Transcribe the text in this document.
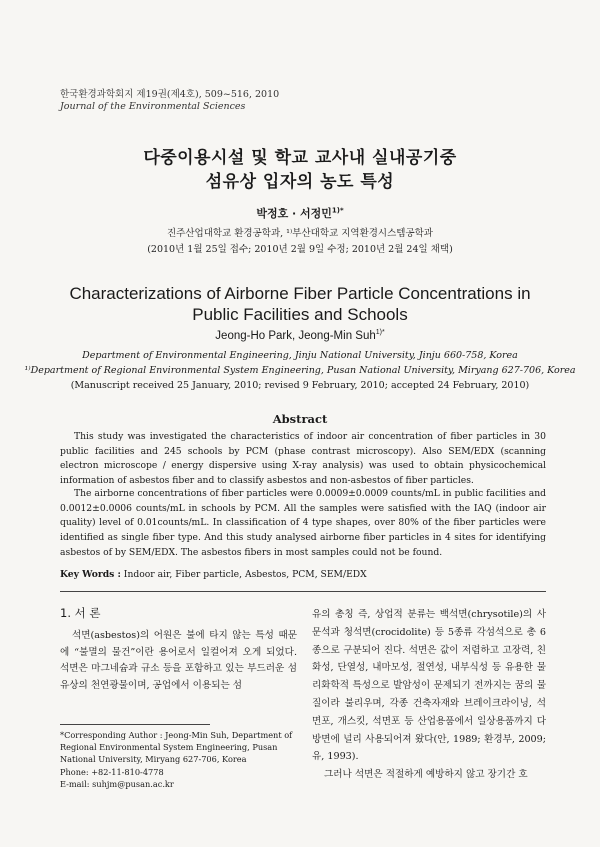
한국환경과학회지 제19권(제4호), 509~516, 2010
Journal of the Environmental Sciences
다중이용시설 및 학교 교사내 실내공기중
섬유상 입자의 농도 특성
박정호 · 서정민$^{1)*}$
진주산업대학교 환경공학과, ¹⁾부산대학교 지역환경시스템공학과
(2010년 1월 25일 접수; 2010년 2월 9일 수정; 2010년 2월 24일 채택)
Characterizations of Airborne Fiber Particle Concentrations in
Public Facilities and Schools
Jeong-Ho Park, Jeong-Min Suh$^{1)*}$
Department of Environmental Engineering, Jinju National University, Jinju 660-758, Korea
¹⁾Department of Regional Environmental System Engineering, Pusan National University, Miryang 627-706, Korea
(Manuscript received 25 January, 2010; revised 9 February, 2010; accepted 24 February, 2010)
Abstract
This study was investigated the characteristics of indoor air concentration of fiber particles in 30 public facilities and 245 schools by PCM (phase contrast microscopy). Also SEM/EDX (scanning electron microscope / energy dispersive using X-ray analysis) was used to obtain physicochemical information of asbestos fiber and to classify asbestos and non-asbestos of fiber particles.
The airborne concentrations of fiber particles were 0.0009±0.0009 counts/mL in public facilities and 0.0012±0.0006 counts/mL in schools by PCM. All the samples were satisfied with the IAQ (indoor air quality) level of 0.01counts/mL. In classification of 4 type shapes, over 80% of the fiber particles were identified as single fiber type. And this study analysed airborne fiber particles in 4 sites for identifying asbestos of by SEM/EDX. The asbestos fibers in most samples could not be found.
Key Words : Indoor air, Fiber particle, Asbestos, PCM, SEM/EDX
1. 서 론
석면(asbestos)의 어원은 불에 타지 않는 특성 때문에 “불멸의 물건”이란 용어로서 일컬어져 오게 되었다. 석면은 마그네슘과 규소 등을 포함하고 있는 부드러운 섬유상의 천연광물이며, 공업에서 이용되는 섬

유의 총칭 즉, 상업적 분류는 백석면(chrysotile)의 사문석과 청석면(crocidolite) 등 5종류 각섬석으로 총 6종으로 구분되어 진다. 석면은 값이 저렴하고 고장력, 친화성, 단열성, 내마모성, 절연성, 내부식성 등 유용한 물리화학적 특성으로 발암성이 문제되기 전까지는 꿈의 물질이라 불리우며, 각종 건축자재와 브레이크라이닝, 석면포, 개스킷, 석면포 등 산업용품에서 일상용품까지 다방면에 널리 사용되어져 왔다(안, 1989; 환경부, 2009; 유, 1993).

그러나 석면은 적절하게 예방하지 않고 장기간 호

*Corresponding Author : Jeong-Min Suh, Department of Regional Environmental System Engineering, Pusan National University, Miryang 627-706, Korea
Phone: +82-11-810-4778
E-mail: suhjm@pusan.ac.kr
